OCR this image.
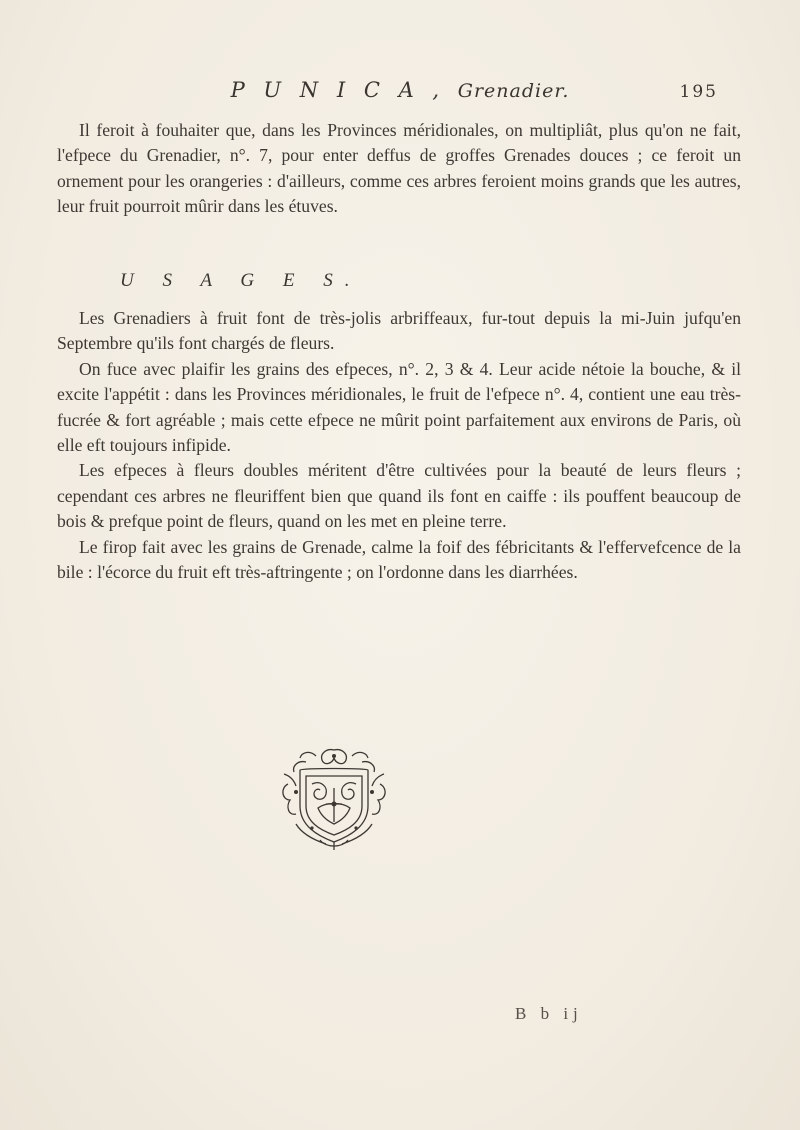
P U N I C A , Grenadier.	195

Il feroit à fouhaiter que, dans les Provinces méridionales, on multipliât, plus qu'on ne fait, l'efpece du Grenadier, n°. 7, pour enter deffus de groffes Grenades douces ; ce feroit un ornement pour les orangeries : d'ailleurs, comme ces arbres feroient moins grands que les autres, leur fruit pourroit mûrir dans les étuves.

U S A G E S.

Les Grenadiers à fruit font de très-jolis arbriffeaux, fur-tout depuis la mi-Juin jufqu'en Septembre qu'ils font chargés de fleurs.

On fuce avec plaifir les grains des efpeces, n°. 2, 3 & 4. Leur acide nétoie la bouche, & il excite l'appétit : dans les Provinces méridionales, le fruit de l'efpece n°. 4, contient une eau très-fucrée & fort agréable ; mais cette efpece ne mûrit point parfaitement aux environs de Paris, où elle eft toujours infipide.

Les efpeces à fleurs doubles méritent d'être cultivées pour la beauté de leurs fleurs ; cependant ces arbres ne fleuriffent bien que quand ils font en caiffe : ils pouffent beaucoup de bois & prefque point de fleurs, quand on les met en pleine terre.

Le firop fait avec les grains de Grenade, calme la foif des fébricitants & l'effervefcence de la bile : l'écorce du fruit eft très-aftringente ; on l'ordonne dans les diarrhées.

B b ij
